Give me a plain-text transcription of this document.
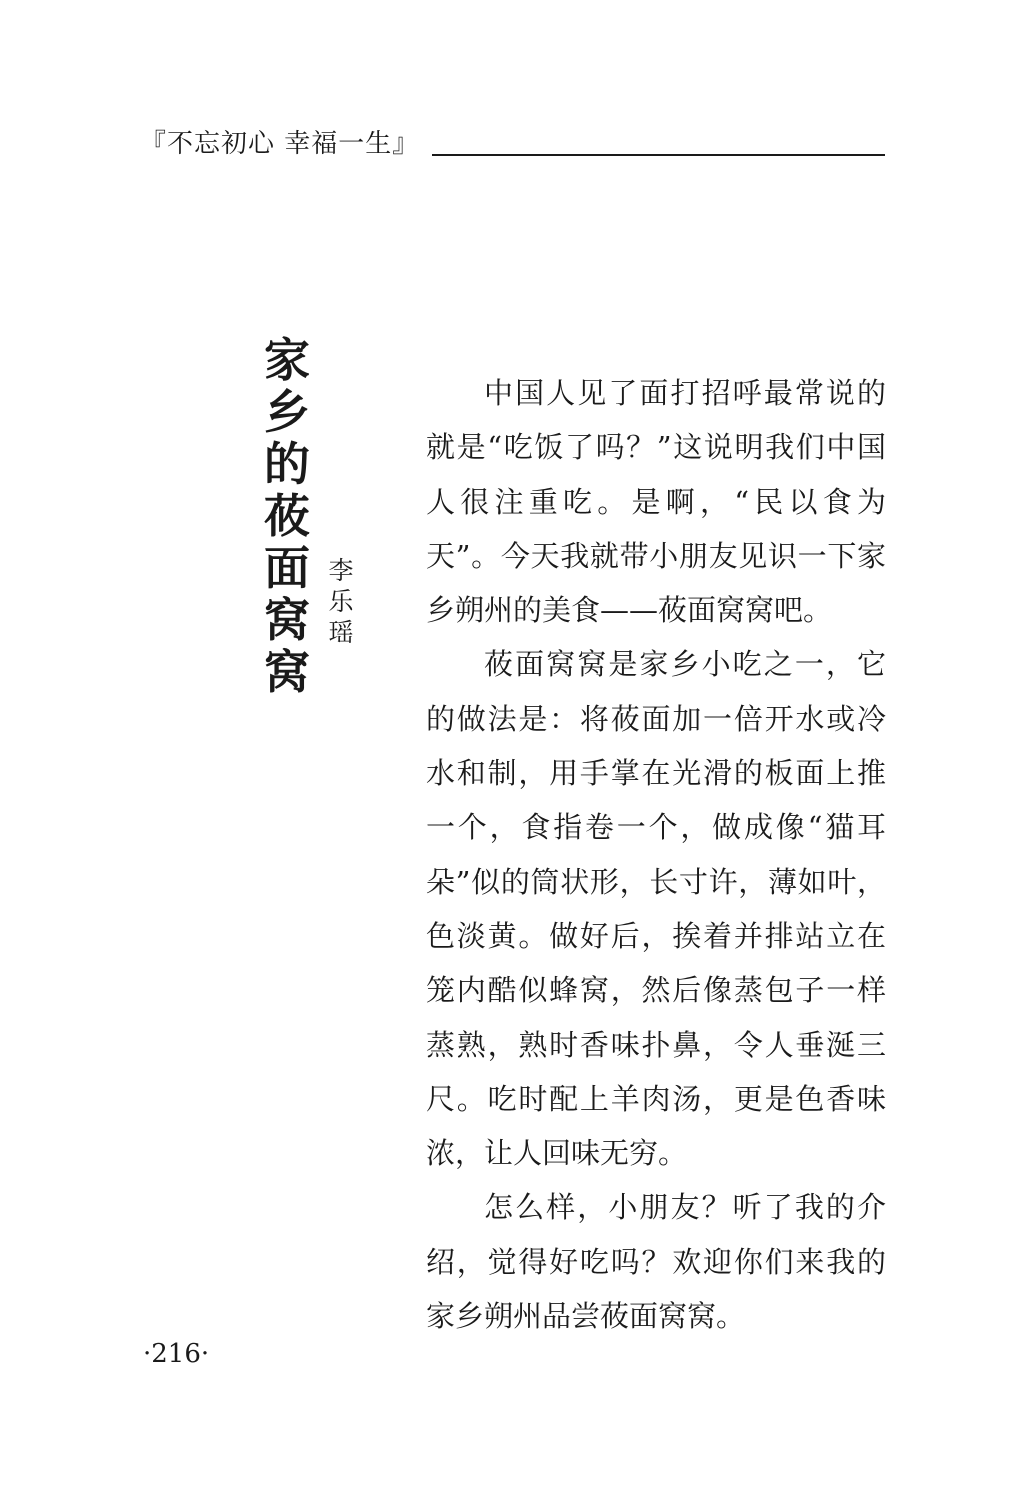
『不忘初心 幸福一生』
家乡的莜面窝窝
李乐瑶

中国人见了面打招呼最常说的就是“吃饭了吗？”这说明我们中国人很注重吃。是啊，“民以食为天”。今天我就带小朋友见识一下家乡朔州的美食——莜面窝窝吧。

莜面窝窝是家乡小吃之一，它的做法是：将莜面加一倍开水或冷水和制，用手掌在光滑的板面上推一个，食指卷一个，做成像“猫耳朵”似的筒状形，长寸许，薄如叶，色淡黄。做好后，挨着并排站立在笼内酷似蜂窝，然后像蒸包子一样蒸熟，熟时香味扑鼻，令人垂涎三尺。吃时配上羊肉汤，更是色香味浓，让人回味无穷。

怎么样，小朋友？听了我的介绍，觉得好吃吗？欢迎你们来我的家乡朔州品尝莜面窝窝。

·216·
